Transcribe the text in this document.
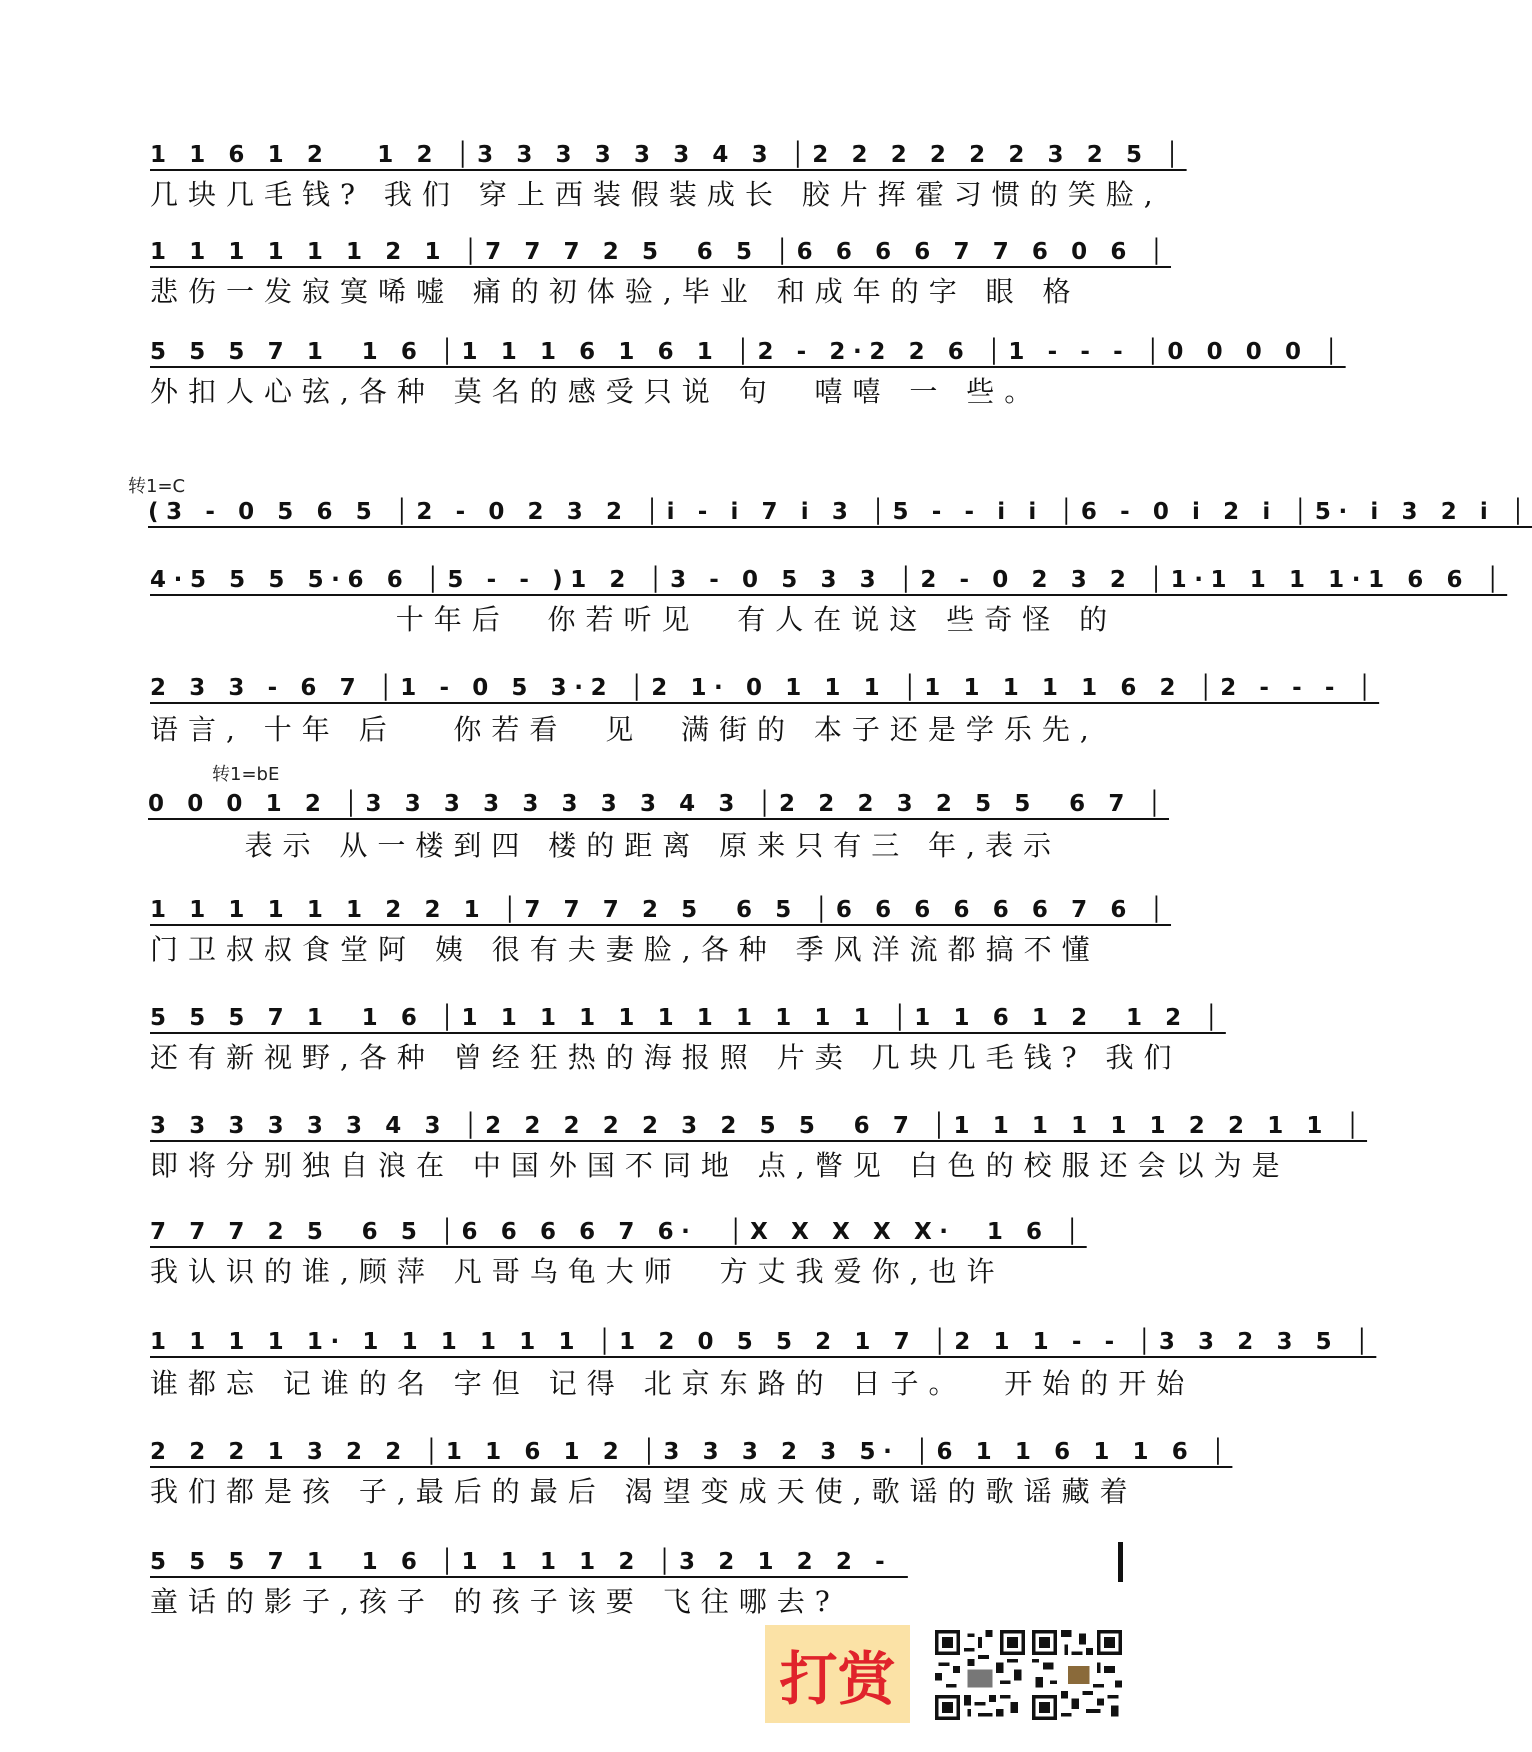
1 1 6 1 2   1 2 │3 3 3 3 3 3 4 3 │2 2 2 2 2 2 3 2 5 │
几块几毛钱? 我们 穿上西装假装成长 胶片挥霍习惯的笑脸,
1 1 1 1 1 1 2 1 │7 7 7 2 5  6 5 │6 6 6 6 7 7 6 0 6 │
悲伤一发寂寞唏嘘 痛的初体验,毕业 和成年的字 眼 格
5 5 5 7 1  1 6 │1 1 1 6 1 6 1 │2 - 2·2 2 6 │1 - - - │0 0 0 0 │
外扣人心弦,各种 莫名的感受只说 句  嘻嘻 一 些。
转1=C
(3 - 0 5 6 5 │2 - 0 2 3 2 │i - i 7 i 3 │5 - - i i │6 - 0 i 2 i │5· i 3 2 i │
4·5 5 5 5·6 6 │5 - - )1 2 │3 - 0 5 3 3 │2 - 0 2 3 2 │1·1 1 1 1·1 6 6 │
十年后  你若听见  有人在说这 些奇怪 的
2 3 3 - 6 7 │1 - 0 5 3·2 │2 1· 0 1 1 1 │1 1 1 1 1 6 2 │2 - - - │
语言, 十年 后   你若看  见  满街的 本子还是学乐先,
转1=bE
0 0 0 1 2 │3 3 3 3 3 3 3 3 4 3 │2 2 2 3 2 5 5  6 7 │
表示 从一楼到四 楼的距离 原来只有三 年,表示
1 1 1 1 1 1 2 2 1 │7 7 7 2 5  6 5 │6 6 6 6 6 6 7 6 │
门卫叔叔食堂阿 姨 很有夫妻脸,各种 季风洋流都搞不懂
5 5 5 7 1  1 6 │1 1 1 1 1 1 1 1 1 1 1 │1 1 6 1 2  1 2 │
还有新视野,各种 曾经狂热的海报照 片卖 几块几毛钱? 我们
3 3 3 3 3 3 4 3 │2 2 2 2 2 3 2 5 5  6 7 │1 1 1 1 1 1 2 2 1 1 │
即将分别独自浪在 中国外国不同地 点,瞥见 白色的校服还会以为是
7 7 7 2 5  6 5 │6 6 6 6 7 6·  │X X X X X·  1 6 │
我认识的谁,顾萍 凡哥乌龟大师  方丈我爱你,也许
1 1 1 1 1· 1 1 1 1 1 1 │1 2 0 5 5 2 1 7 │2 1 1 - - │3 3 2 3 5 │
谁都忘 记谁的名 字但 记得 北京东路的 日子。  开始的开始
2 2 2 1 3 2 2 │1 1 6 1 2 │3 3 3 2 3 5· │6 1 1 6 1 1 6 │
我们都是孩 子,最后的最后 渴望变成天使,歌谣的歌谣藏着
5 5 5 7 1  1 6 │1 1 1 1 2 │3 2 1 2 2 -
童话的影子,孩子 的孩子该要 飞往哪去?
打赏
